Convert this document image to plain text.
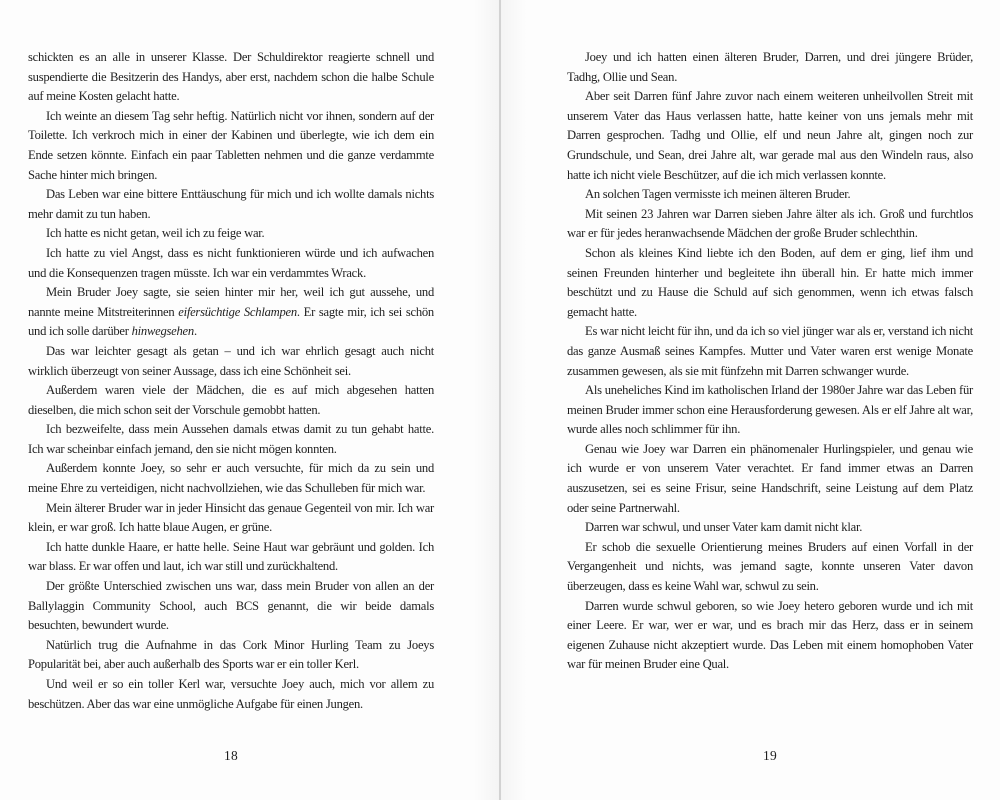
schickten es an alle in unserer Klasse. Der Schuldirektor reagierte schnell und suspendierte die Besitzerin des Handys, aber erst, nachdem schon die halbe Schule auf meine Kosten gelacht hatte.

Ich weinte an diesem Tag sehr heftig. Natürlich nicht vor ihnen, sondern auf der Toilette. Ich verkroch mich in einer der Kabinen und überlegte, wie ich dem ein Ende setzen könnte. Einfach ein paar Tabletten nehmen und die ganze verdammte Sache hinter mich bringen.

Das Leben war eine bittere Enttäuschung für mich und ich wollte damals nichts mehr damit zu tun haben.

Ich hatte es nicht getan, weil ich zu feige war.

Ich hatte zu viel Angst, dass es nicht funktionieren würde und ich aufwachen und die Konsequenzen tragen müsste. Ich war ein verdammtes Wrack.

Mein Bruder Joey sagte, sie seien hinter mir her, weil ich gut aussehe, und nannte meine Mitstreiterinnen eifersüchtige Schlampen. Er sagte mir, ich sei schön und ich solle darüber hinwegsehen.

Das war leichter gesagt als getan – und ich war ehrlich gesagt auch nicht wirklich überzeugt von seiner Aussage, dass ich eine Schönheit sei.

Außerdem waren viele der Mädchen, die es auf mich abgesehen hatten dieselben, die mich schon seit der Vorschule gemobbt hatten.

Ich bezweifelte, dass mein Aussehen damals etwas damit zu tun gehabt hatte. Ich war scheinbar einfach jemand, den sie nicht mögen konnten.

Außerdem konnte Joey, so sehr er auch versuchte, für mich da zu sein und meine Ehre zu verteidigen, nicht nachvollziehen, wie das Schulleben für mich war.

Mein älterer Bruder war in jeder Hinsicht das genaue Gegenteil von mir. Ich war klein, er war groß. Ich hatte blaue Augen, er grüne.

Ich hatte dunkle Haare, er hatte helle. Seine Haut war gebräunt und golden. Ich war blass. Er war offen und laut, ich war still und zurückhaltend.

Der größte Unterschied zwischen uns war, dass mein Bruder von allen an der Ballylaggin Community School, auch BCS genannt, die wir beide damals besuchten, bewundert wurde.

Natürlich trug die Aufnahme in das Cork Minor Hurling Team zu Joeys Popularität bei, aber auch außerhalb des Sports war er ein toller Kerl.

Und weil er so ein toller Kerl war, versuchte Joey auch, mich vor allem zu beschützen. Aber das war eine unmögliche Aufgabe für einen Jungen.

18

Joey und ich hatten einen älteren Bruder, Darren, und drei jüngere Brüder, Tadhg, Ollie und Sean.

Aber seit Darren fünf Jahre zuvor nach einem weiteren unheilvollen Streit mit unserem Vater das Haus verlassen hatte, hatte keiner von uns jemals mehr mit Darren gesprochen. Tadhg und Ollie, elf und neun Jahre alt, gingen noch zur Grundschule, und Sean, drei Jahre alt, war gerade mal aus den Windeln raus, also hatte ich nicht viele Beschützer, auf die ich mich verlassen konnte.

An solchen Tagen vermisste ich meinen älteren Bruder.

Mit seinen 23 Jahren war Darren sieben Jahre älter als ich. Groß und furchtlos war er für jedes heranwachsende Mädchen der große Bruder schlechthin.

Schon als kleines Kind liebte ich den Boden, auf dem er ging, lief ihm und seinen Freunden hinterher und begleitete ihn überall hin. Er hatte mich immer beschützt und zu Hause die Schuld auf sich genommen, wenn ich etwas falsch gemacht hatte.

Es war nicht leicht für ihn, und da ich so viel jünger war als er, verstand ich nicht das ganze Ausmaß seines Kampfes. Mutter und Vater waren erst wenige Monate zusammen gewesen, als sie mit fünfzehn mit Darren schwanger wurde.

Als uneheliches Kind im katholischen Irland der 1980er Jahre war das Leben für meinen Bruder immer schon eine Herausforderung gewesen. Als er elf Jahre alt war, wurde alles noch schlimmer für ihn.

Genau wie Joey war Darren ein phänomenaler Hurlingspieler, und genau wie ich wurde er von unserem Vater verachtet. Er fand immer etwas an Darren auszusetzen, sei es seine Frisur, seine Handschrift, seine Leistung auf dem Platz oder seine Partnerwahl.

Darren war schwul, und unser Vater kam damit nicht klar.

Er schob die sexuelle Orientierung meines Bruders auf einen Vorfall in der Vergangenheit und nichts, was jemand sagte, konnte unseren Vater davon überzeugen, dass es keine Wahl war, schwul zu sein.

Darren wurde schwul geboren, so wie Joey hetero geboren wurde und ich mit einer Leere. Er war, wer er war, und es brach mir das Herz, dass er in seinem eigenen Zuhause nicht akzeptiert wurde. Das Leben mit einem homophoben Vater war für meinen Bruder eine Qual.

19
